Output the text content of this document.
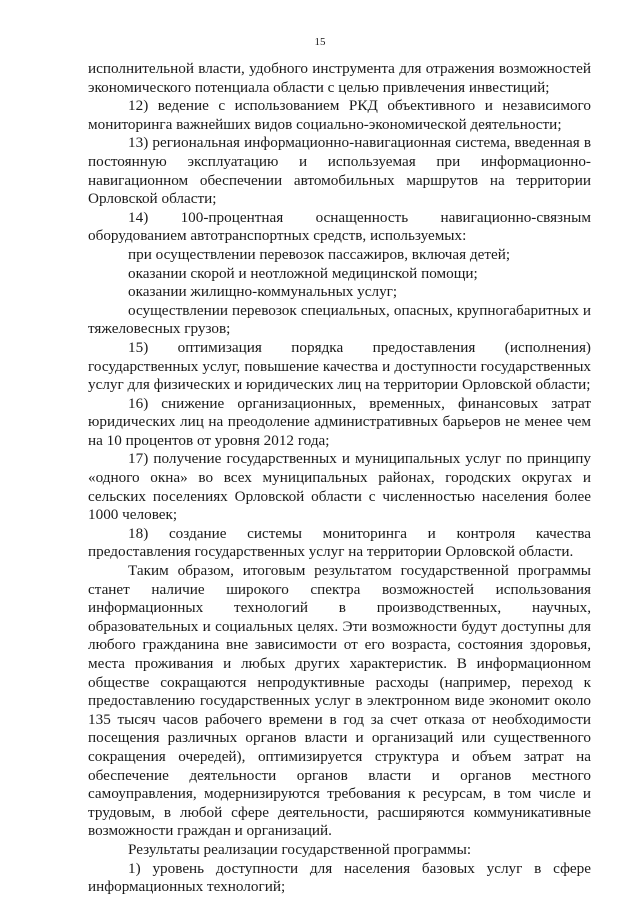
15

исполнительной власти, удобного инструмента для отражения возможностей экономического потенциала области с целью привлечения инвестиций;

12) ведение с использованием РКД объективного и независимого мониторинга важнейших видов социально-экономической деятельности;

13) региональная информационно-навигационная система, введенная в постоянную эксплуатацию и используемая при информационно-навигационном обеспечении автомобильных маршрутов на территории Орловской области;

14) 100-процентная оснащенность навигационно-связным оборудованием автотранспортных средств, используемых:

при осуществлении перевозок пассажиров, включая детей;

оказании скорой и неотложной медицинской помощи;

оказании жилищно-коммунальных услуг;

осуществлении перевозок специальных, опасных, крупногабаритных и тяжеловесных грузов;

15) оптимизация порядка предоставления (исполнения) государственных услуг, повышение качества и доступности государственных услуг для физических и юридических лиц на территории Орловской области;

16) снижение организационных, временных, финансовых затрат юридических лиц на преодоление административных барьеров не менее чем на 10 процентов от уровня 2012 года;

17) получение государственных и муниципальных услуг по принципу «одного окна» во всех муниципальных районах, городских округах и сельских поселениях Орловской области с численностью населения более 1000 человек;

18) создание системы мониторинга и контроля качества предоставления государственных услуг на территории Орловской области.

Таким образом, итоговым результатом государственной программы станет наличие широкого спектра возможностей использования информационных технологий в производственных, научных, образовательных и социальных целях. Эти возможности будут доступны для любого гражданина вне зависимости от его возраста, состояния здоровья, места проживания и любых других характеристик. В информационном обществе сокращаются непродуктивные расходы (например, переход к предоставлению государственных услуг в электронном виде экономит около 135 тысяч часов рабочего времени в год за счет отказа от необходимости посещения различных органов власти и организаций или существенного сокращения очередей), оптимизируется структура и объем затрат на обеспечение деятельности органов власти и органов местного самоуправления, модернизируются требования к ресурсам, в том числе и трудовым, в любой сфере деятельности, расширяются коммуникативные возможности граждан и организаций.

Результаты реализации государственной программы:

1) уровень доступности для населения базовых услуг в сфере информационных технологий;
